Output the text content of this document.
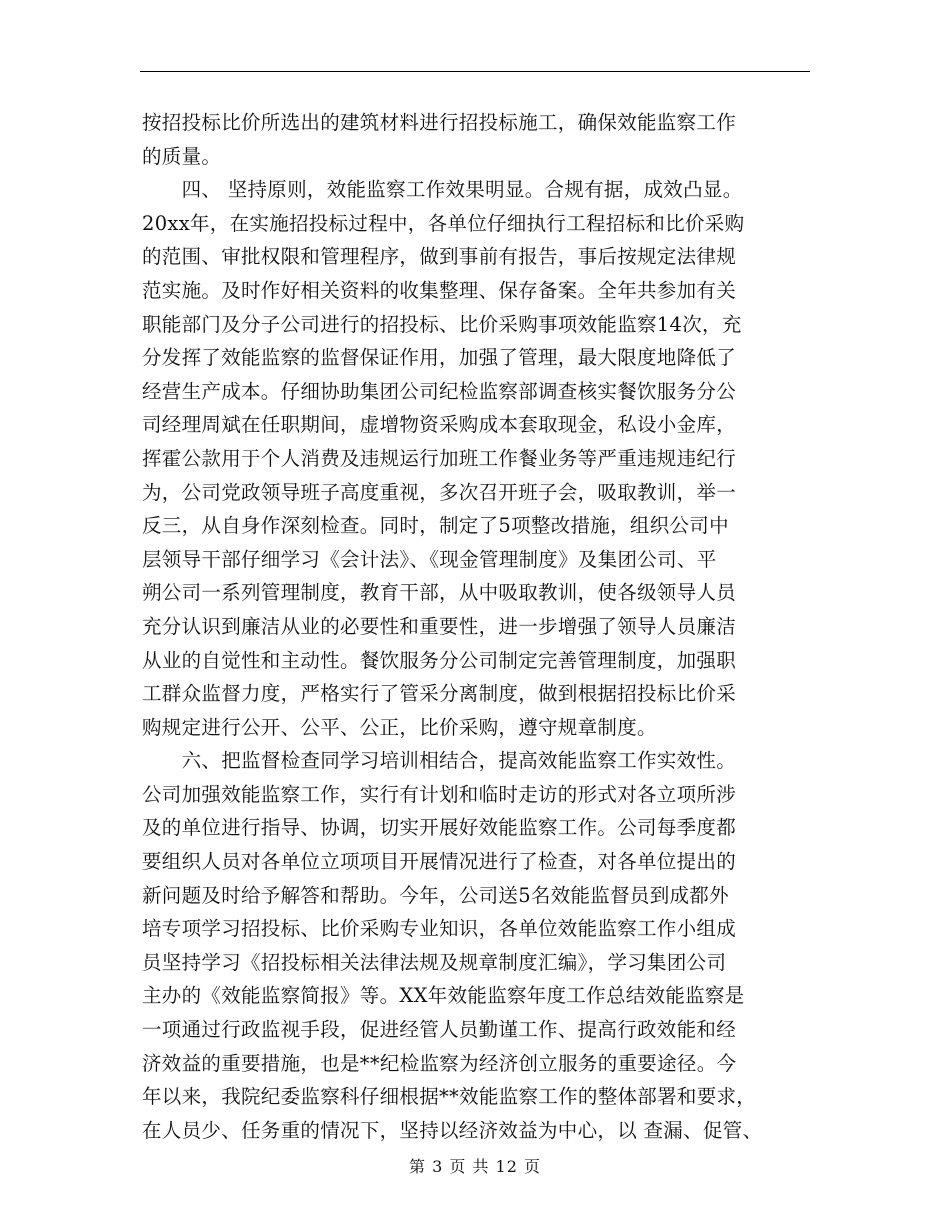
按招投标比价所选出的建筑材料进行招投标施工，确保效能监察工作
的质量。
　　四、 坚持原则，效能监察工作效果明显。合规有据，成效凸显。
20xx年，在实施招投标过程中，各单位仔细执行工程招标和比价采购
的范围、审批权限和管理程序，做到事前有报告，事后按规定法律规
范实施。及时作好相关资料的收集整理、保存备案。全年共参加有关
职能部门及分子公司进行的招投标、比价采购事项效能监察14次，充
分发挥了效能监察的监督保证作用，加强了管理，最大限度地降低了
经营生产成本。仔细协助集团公司纪检监察部调查核实餐饮服务分公
司经理周斌在任职期间，虚增物资采购成本套取现金，私设小金库，
挥霍公款用于个人消费及违规运行加班工作餐业务等严重违规违纪行
为，公司党政领导班子高度重视，多次召开班子会，吸取教训，举一
反三，从自身作深刻检查。同时，制定了5项整改措施，组织公司中
层领导干部仔细学习《会计法》、《现金管理制度》及集团公司、平
朔公司一系列管理制度，教育干部，从中吸取教训，使各级领导人员
充分认识到廉洁从业的必要性和重要性，进一步增强了领导人员廉洁
从业的自觉性和主动性。餐饮服务分公司制定完善管理制度，加强职
工群众监督力度，严格实行了管采分离制度，做到根据招投标比价采
购规定进行公开、公平、公正，比价采购，遵守规章制度。
　　六、把监督检查同学习培训相结合，提高效能监察工作实效性。
公司加强效能监察工作，实行有计划和临时走访的形式对各立项所涉
及的单位进行指导、协调，切实开展好效能监察工作。公司每季度都
要组织人员对各单位立项项目开展情况进行了检查，对各单位提出的
新问题及时给予解答和帮助。今年，公司送5名效能监督员到成都外
培专项学习招投标、比价采购专业知识，各单位效能监察工作小组成
员坚持学习《招投标相关法律法规及规章制度汇编》，学习集团公司
主办的《效能监察简报》等。XX年效能监察年度工作总结效能监察是
一项通过行政监视手段，促进经管人员勤谨工作、提高行政效能和经
济效益的重要措施，也是**纪检监察为经济创立服务的重要途径。今
年以来，我院纪委监察科仔细根据**效能监察工作的整体部署和要求，
在人员少、任务重的情况下，坚持以经济效益为中心，以 查漏、促管、
第 3 页 共 12 页
